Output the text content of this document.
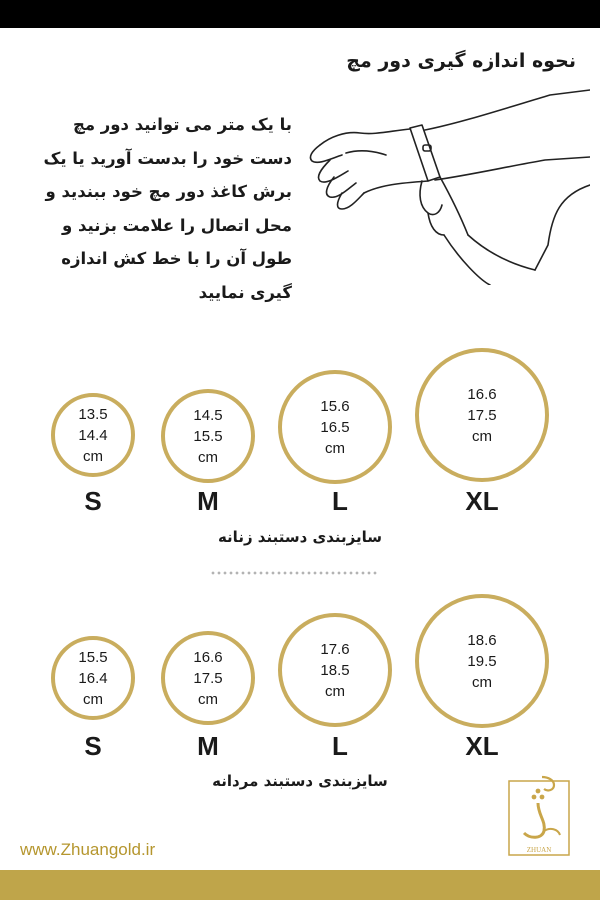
نحوه اندازه گیری دور مچ
با یک متر می توانید دور مچ
دست خود را بدست آورید یا یک
برش کاغذ دور مچ خود ببندید و
محل اتصال را علامت بزنید و
طول آن را با خط کش اندازه
گیری نمایید
13.5
14.4
cm
S
14.5
15.5
cm
M
15.6
16.5
cm
L
16.6
17.5
cm
XL
سایزبندی دستبند زنانه
15.5
16.4
cm
S
16.6
17.5
cm
M
17.6
18.5
cm
L
18.6
19.5
cm
XL
سایزبندی دستبند مردانه
ZHUAN
www.Zhuangold.ir
